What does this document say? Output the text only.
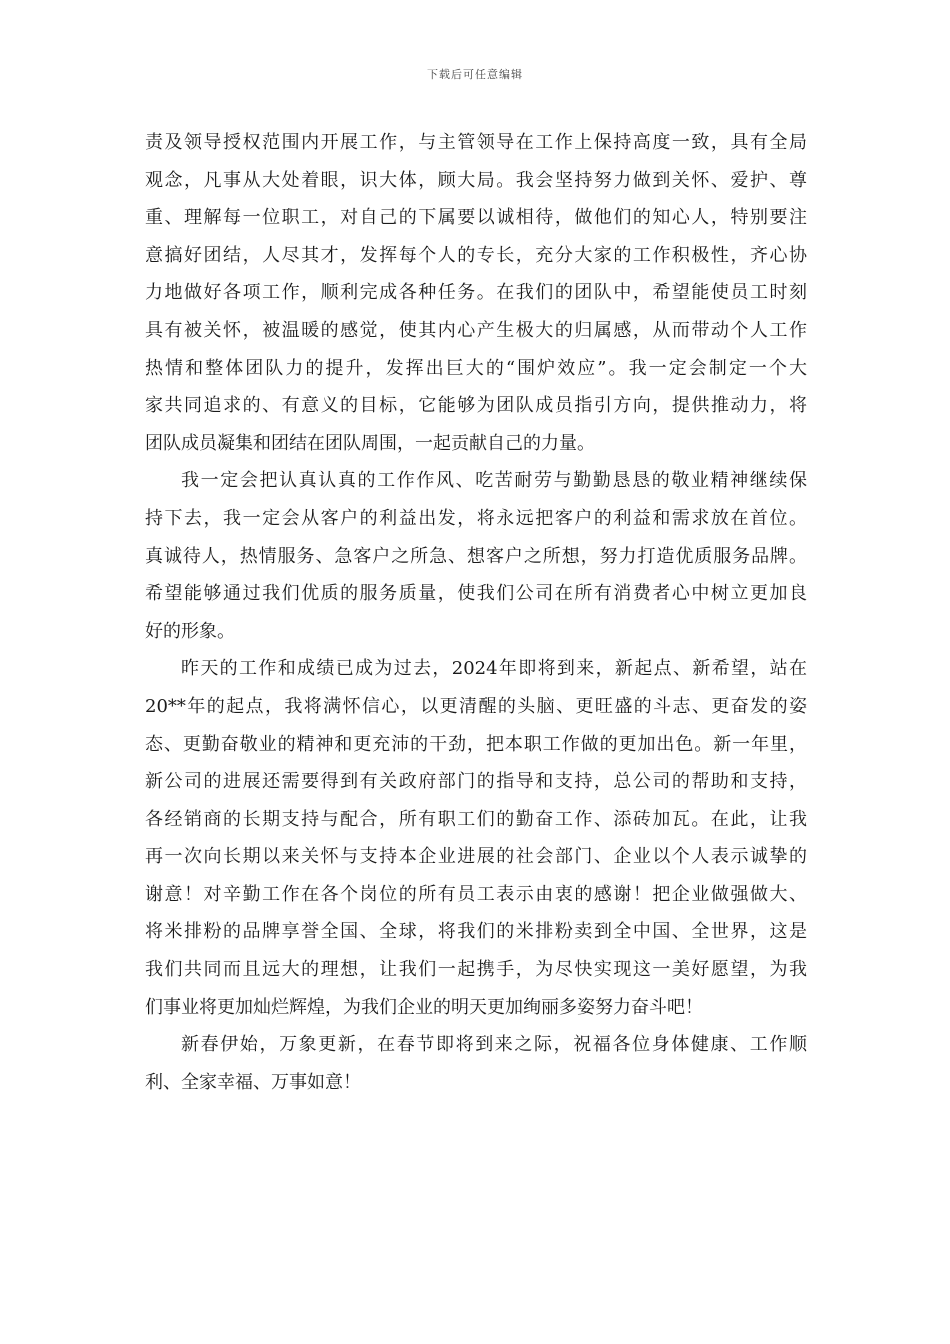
下载后可任意编辑
责及领导授权范围内开展工作，与主管领导在工作上保持高度一致，具有全局
观念，凡事从大处着眼，识大体，顾大局。我会坚持努力做到关怀、爱护、尊
重、理解每一位职工，对自己的下属要以诚相待，做他们的知心人，特别要注
意搞好团结，人尽其才，发挥每个人的专长，充分大家的工作积极性，齐心协
力地做好各项工作，顺利完成各种任务。在我们的团队中，希望能使员工时刻
具有被关怀，被温暖的感觉，使其内心产生极大的归属感，从而带动个人工作
热情和整体团队力的提升，发挥出巨大的“围炉效应”。我一定会制定一个大
家共同追求的、有意义的目标，它能够为团队成员指引方向，提供推动力，将
团队成员凝集和团结在团队周围，一起贡献自己的力量。
我一定会把认真认真的工作作风、吃苦耐劳与勤勤恳恳的敬业精神继续保
持下去，我一定会从客户的利益出发，将永远把客户的利益和需求放在首位。
真诚待人，热情服务、急客户之所急、想客户之所想，努力打造优质服务品牌。
希望能够通过我们优质的服务质量，使我们公司在所有消费者心中树立更加良
好的形象。
昨天的工作和成绩已成为过去，2024年即将到来，新起点、新希望，站在
20**年的起点，我将满怀信心，以更清醒的头脑、更旺盛的斗志、更奋发的姿
态、更勤奋敬业的精神和更充沛的干劲，把本职工作做的更加出色。新一年里，
新公司的进展还需要得到有关政府部门的指导和支持，总公司的帮助和支持，
各经销商的长期支持与配合，所有职工们的勤奋工作、添砖加瓦。在此，让我
再一次向长期以来关怀与支持本企业进展的社会部门、企业以个人表示诚挚的
谢意！对辛勤工作在各个岗位的所有员工表示由衷的感谢！把企业做强做大、
将米排粉的品牌享誉全国、全球，将我们的米排粉卖到全中国、全世界，这是
我们共同而且远大的理想，让我们一起携手，为尽快实现这一美好愿望，为我
们事业将更加灿烂辉煌，为我们企业的明天更加绚丽多姿努力奋斗吧！
新春伊始，万象更新，在春节即将到来之际，祝福各位身体健康、工作顺
利、全家幸福、万事如意！
